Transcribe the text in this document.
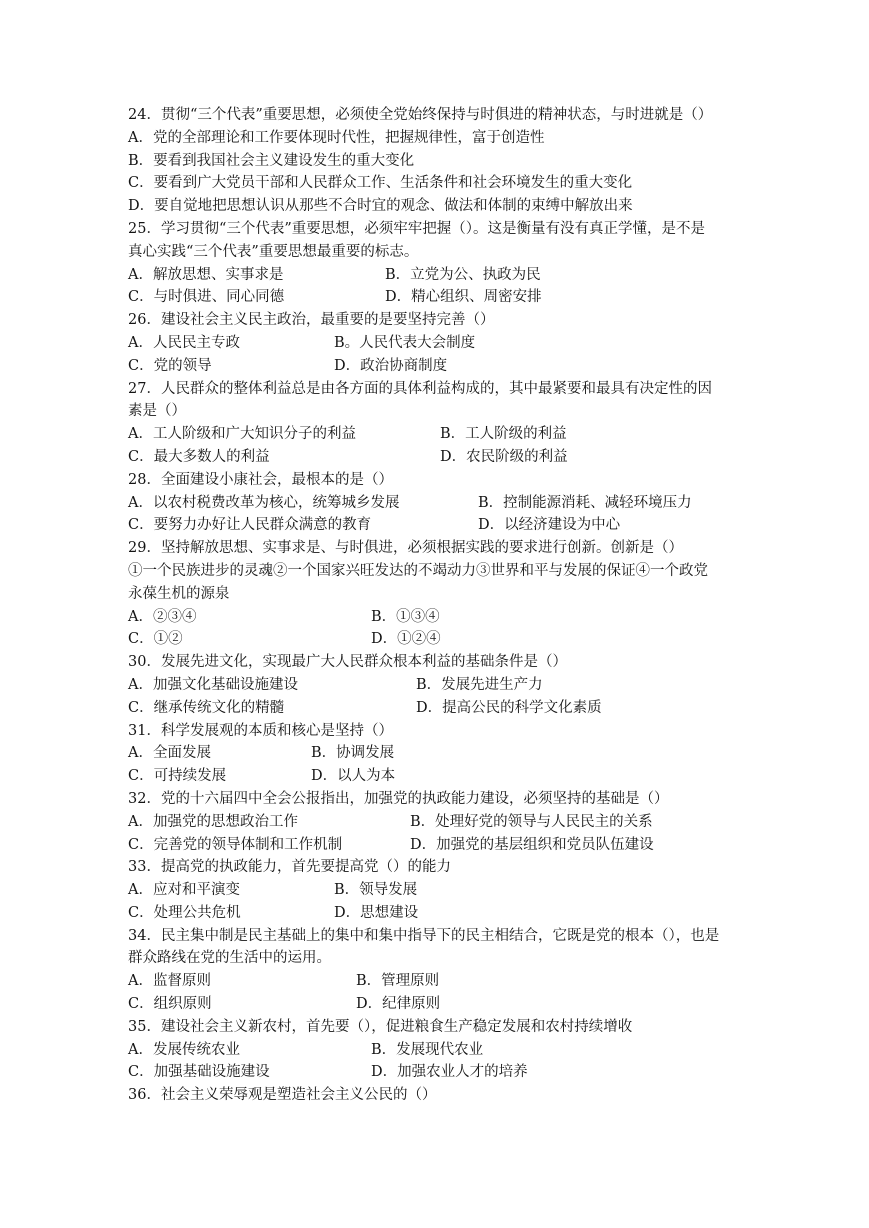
24．贯彻“三个代表”重要思想，必须使全党始终保持与时俱进的精神状态，与时进就是（）
A．党的全部理论和工作要体现时代性，把握规律性，富于创造性
B．要看到我国社会主义建设发生的重大变化
C．要看到广大党员干部和人民群众工作、生活条件和社会环境发生的重大变化
D．要自觉地把思想认识从那些不合时宜的观念、做法和体制的束缚中解放出来
25．学习贯彻“三个代表”重要思想，必须牢牢把握（）。这是衡量有没有真正学懂，是不是
真心实践“三个代表”重要思想最重要的标志。
A．解放思想、实事求是	B．立党为公、执政为民
C．与时俱进、同心同德	D．精心组织、周密安排
26．建设社会主义民主政治，最重要的是要坚持完善（）
A．人民民主专政	B。人民代表大会制度
C．党的领导	D．政治协商制度
27．人民群众的整体利益总是由各方面的具体利益构成的，其中最紧要和最具有决定性的因
素是（）
A．工人阶级和广大知识分子的利益	B．工人阶级的利益
C．最大多数人的利益	D．农民阶级的利益
28．全面建设小康社会，最根本的是（）
A．以农村税费改革为核心，统筹城乡发展	B．控制能源消耗、减轻环境压力
C．要努力办好让人民群众满意的教育	D．以经济建设为中心
29．坚持解放思想、实事求是、与时俱进，必须根据实践的要求进行创新。创新是（）
①一个民族进步的灵魂②一个国家兴旺发达的不竭动力③世界和平与发展的保证④一个政党
永葆生机的源泉
A．②③④	B．①③④
C．①②	D．①②④
30．发展先进文化，实现最广大人民群众根本利益的基础条件是（）
A．加强文化基础设施建设	B．发展先进生产力
C．继承传统文化的精髓	D．提高公民的科学文化素质
31．科学发展观的本质和核心是坚持（）
A．全面发展	B．协调发展
C．可持续发展	D．以人为本
32．党的十六届四中全会公报指出，加强党的执政能力建设，必须坚持的基础是（）
A．加强党的思想政治工作	B．处理好党的领导与人民民主的关系
C．完善党的领导体制和工作机制	D．加强党的基层组织和党员队伍建设
33．提高党的执政能力，首先要提高党（）的能力
A．应对和平演变	B．领导发展
C．处理公共危机	D．思想建设
34．民主集中制是民主基础上的集中和集中指导下的民主相结合，它既是党的根本（），也是
群众路线在党的生活中的运用。
A．监督原则	B．管理原则
C．组织原则	D．纪律原则
35．建设社会主义新农村，首先要（），促进粮食生产稳定发展和农村持续增收
A．发展传统农业	B．发展现代农业
C．加强基础设施建设	D．加强农业人才的培养
36．社会主义荣辱观是塑造社会主义公民的（）
